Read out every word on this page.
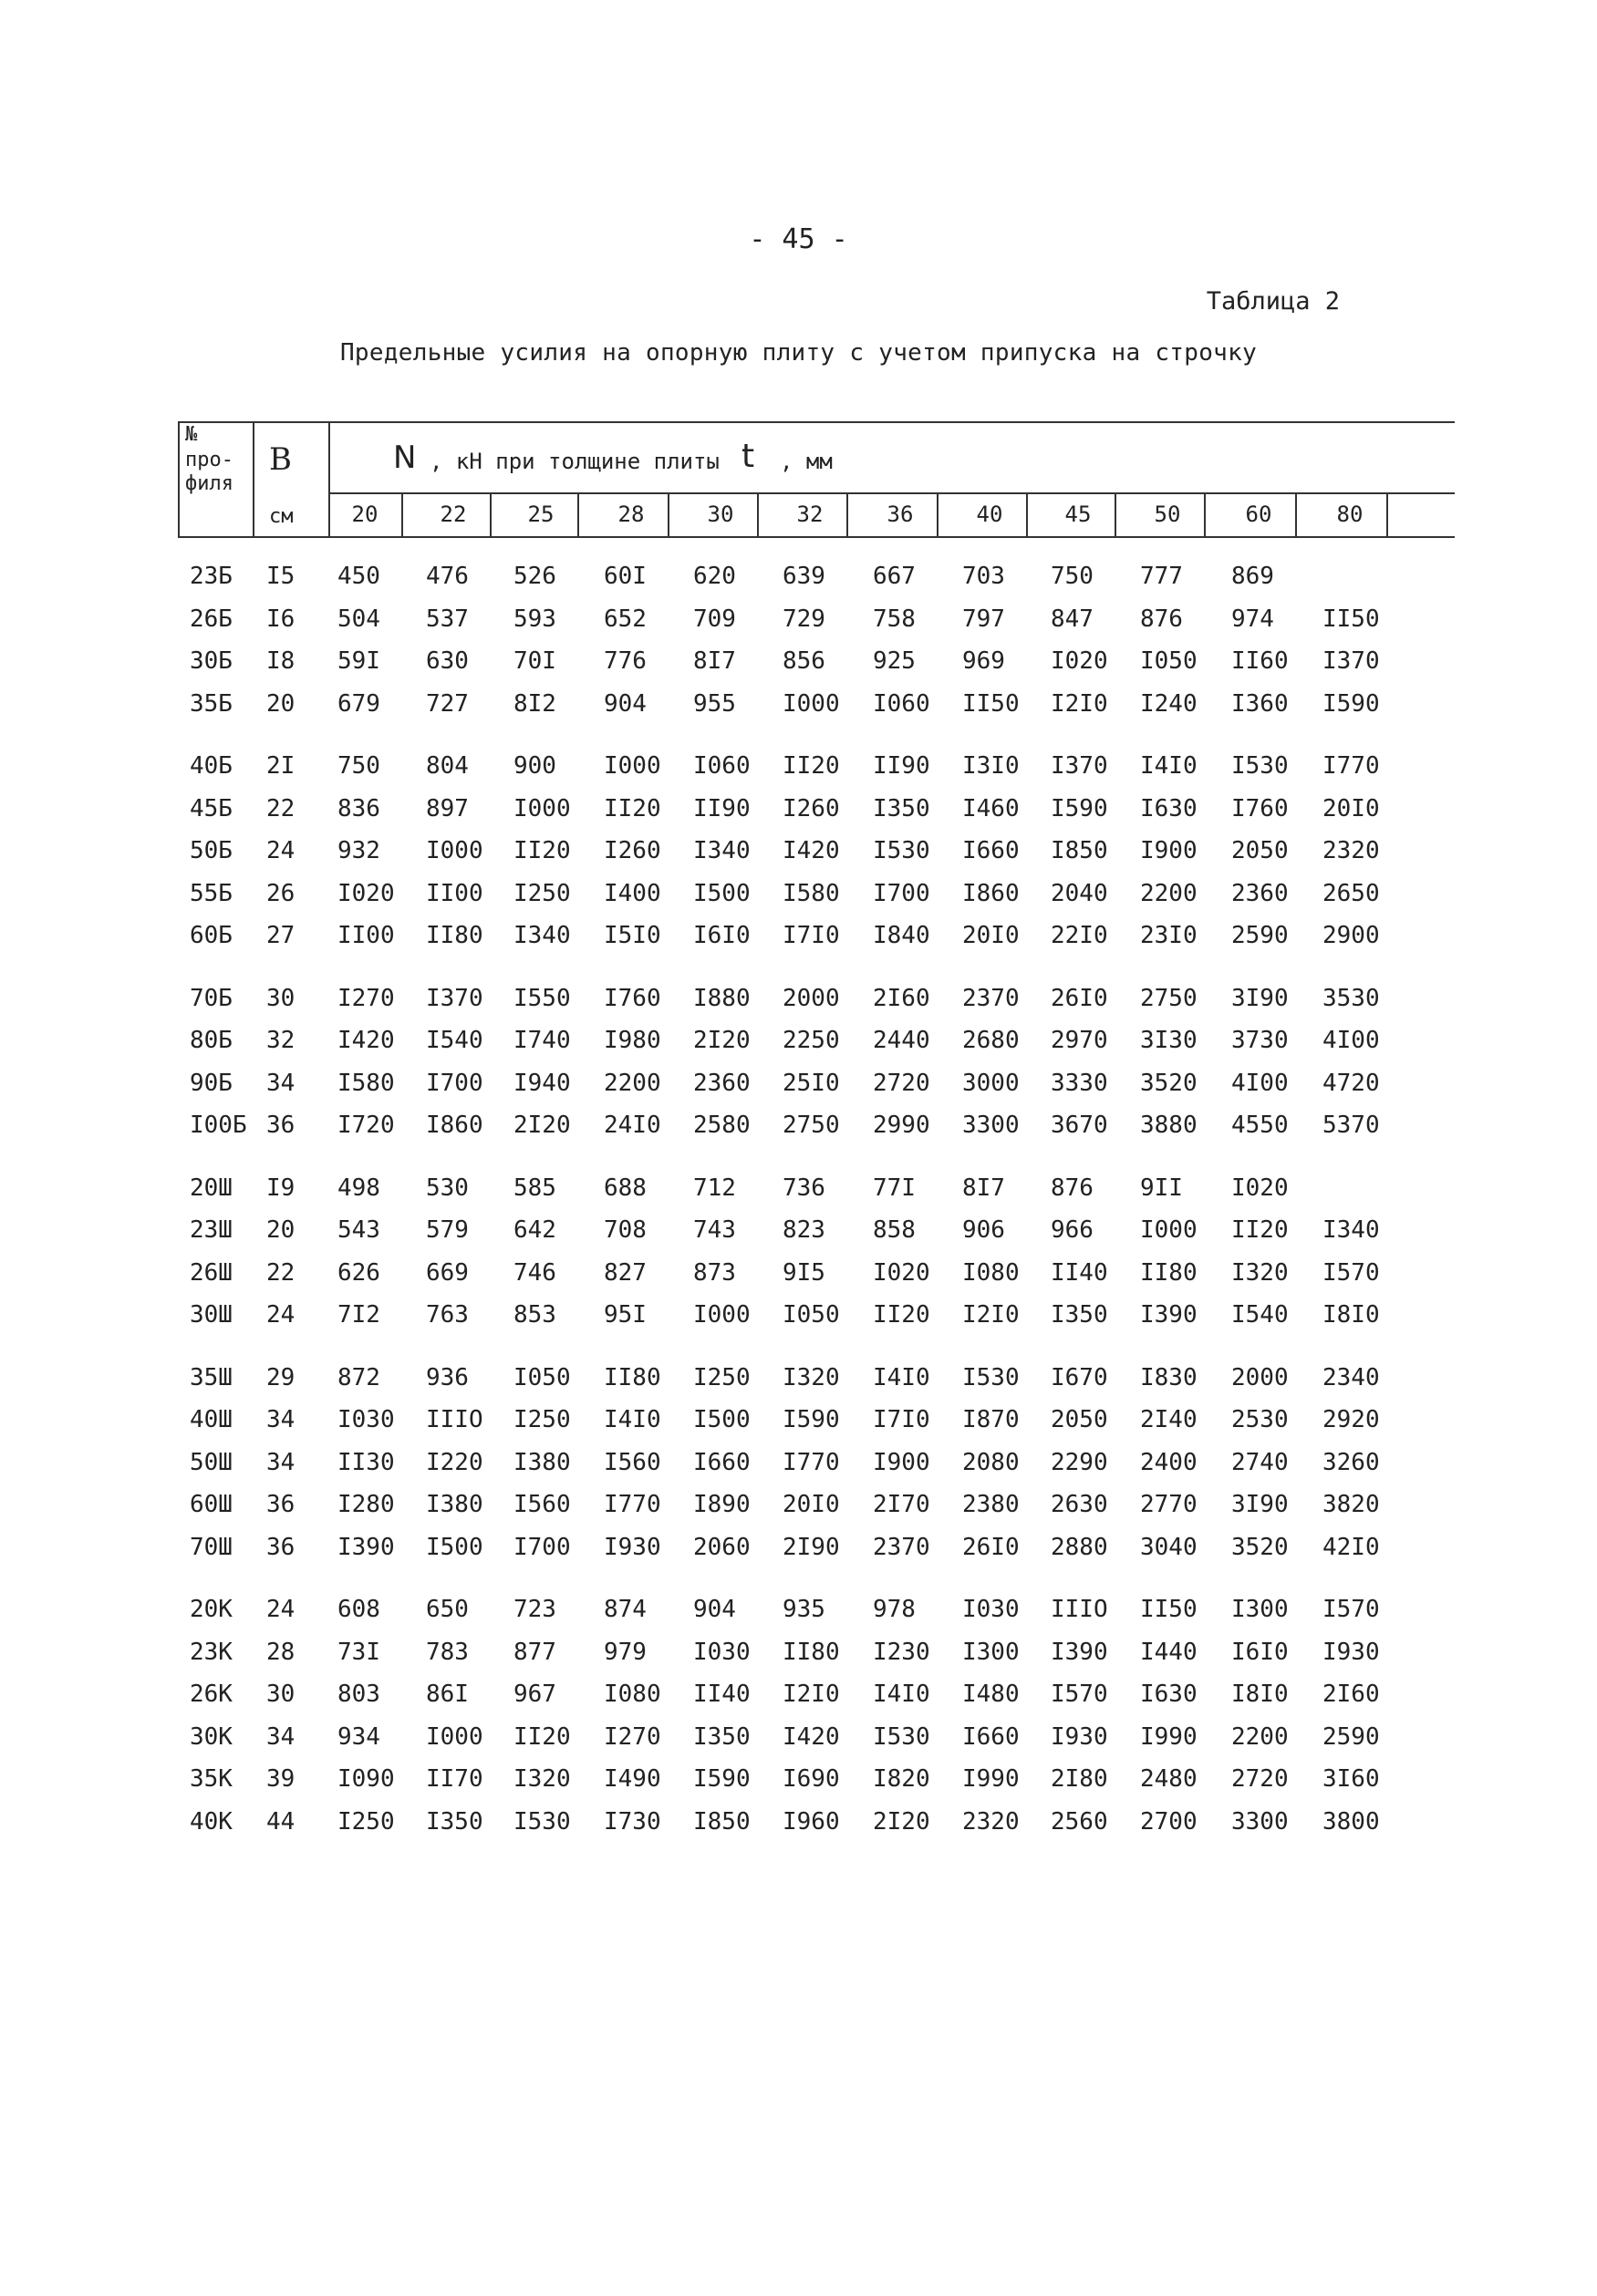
- 45 -
Таблица 2
Предельные усилия на опорную плиту с учетом припуска на строчку
№
про-
филя
B
см
N , кН при толщине плиты t , мм
20	22	25	28	30	32	36	40	45	50	60	80
23Б I5 450 476 526 60I 620 639 667 703 750 777 869
26Б I6 504 537 593 652 709 729 758 797 847 876 974 II50
30Б I8 59I 630 70I 776 8I7 856 925 969 I020 I050 II60 I370
35Б 20 679 727 8I2 904 955 I000 I060 II50 I2I0 I240 I360 I590
40Б 2I 750 804 900 I000 I060 II20 II90 I3I0 I370 I4I0 I530 I770
45Б 22 836 897 I000 II20 II90 I260 I350 I460 I590 I630 I760 20I0
50Б 24 932 I000 II20 I260 I340 I420 I530 I660 I850 I900 2050 2320
55Б 26 I020 II00 I250 I400 I500 I580 I700 I860 2040 2200 2360 2650
60Б 27 II00 II80 I340 I5I0 I6I0 I7I0 I840 20I0 22I0 23I0 2590 2900
70Б 30 I270 I370 I550 I760 I880 2000 2I60 2370 26I0 2750 3I90 3530
80Б 32 I420 I540 I740 I980 2I20 2250 2440 2680 2970 3I30 3730 4I00
90Б 34 I580 I700 I940 2200 2360 25I0 2720 3000 3330 3520 4I00 4720
I00Б 36 I720 I860 2I20 24I0 2580 2750 2990 3300 3670 3880 4550 5370
20Ш I9 498 530 585 688 712 736 77I 8I7 876 9II I020
23Ш 20 543 579 642 708 743 823 858 906 966 I000 II20 I340
26Ш 22 626 669 746 827 873 9I5 I020 I080 II40 II80 I320 I570
30Ш 24 7I2 763 853 95I I000 I050 II20 I2I0 I350 I390 I540 I8I0
35Ш 29 872 936 I050 II80 I250 I320 I4I0 I530 I670 I830 2000 2340
40Ш 34 I030 IIIO I250 I4I0 I500 I590 I7I0 I870 2050 2I40 2530 2920
50Ш 34 II30 I220 I380 I560 I660 I770 I900 2080 2290 2400 2740 3260
60Ш 36 I280 I380 I560 I770 I890 20I0 2I70 2380 2630 2770 3I90 3820
70Ш 36 I390 I500 I700 I930 2060 2I90 2370 26I0 2880 3040 3520 42I0
20К 24 608 650 723 874 904 935 978 I030 IIIO II50 I300 I570
23К 28 73I 783 877 979 I030 II80 I230 I300 I390 I440 I6I0 I930
26К 30 803 86I 967 I080 II40 I2I0 I4I0 I480 I570 I630 I8I0 2I60
30К 34 934 I000 II20 I270 I350 I420 I530 I660 I930 I990 2200 2590
35К 39 I090 II70 I320 I490 I590 I690 I820 I990 2I80 2480 2720 3I60
40К 44 I250 I350 I530 I730 I850 I960 2I20 2320 2560 2700 3300 3800
